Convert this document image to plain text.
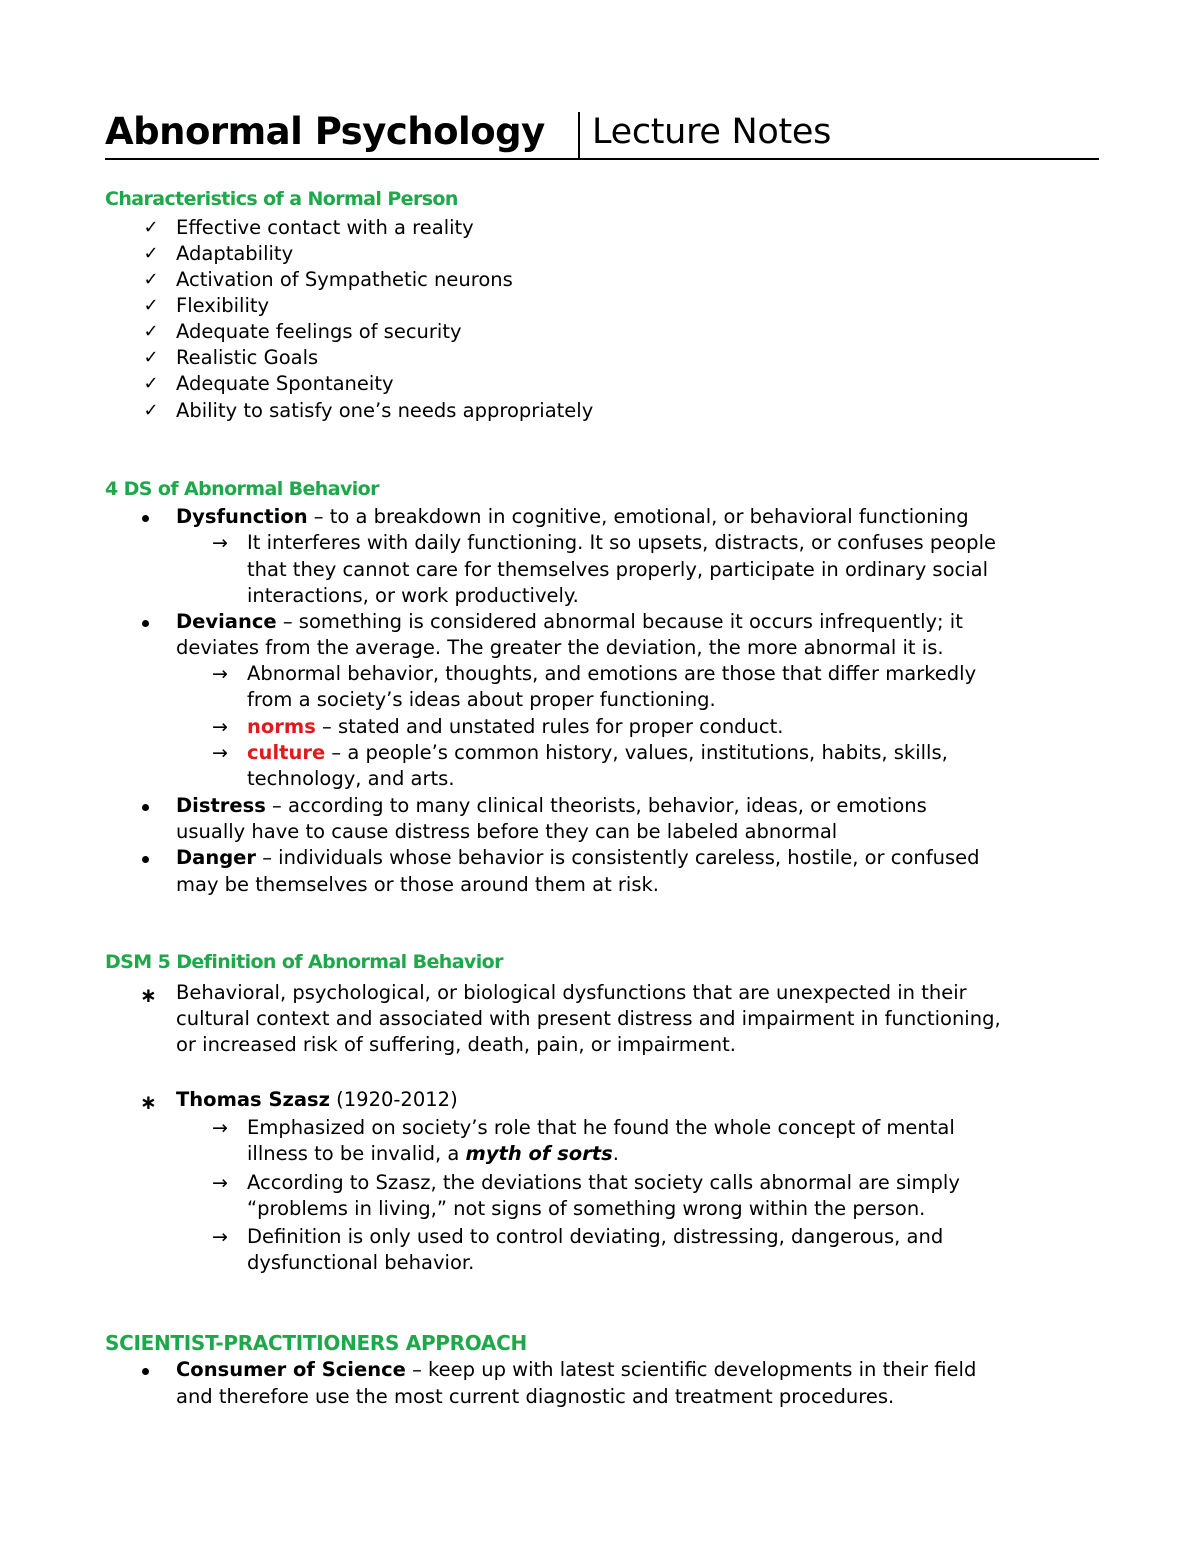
Abnormal Psychology Lecture Notes
Characteristics of a Normal Person
✓ Effective contact with a reality
✓ Adaptability
✓ Activation of Sympathetic neurons
✓ Flexibility
✓ Adequate feelings of security
✓ Realistic Goals
✓ Adequate Spontaneity
✓ Ability to satisfy one’s needs appropriately
4 DS of Abnormal Behavior
Dysfunction – to a breakdown in cognitive, emotional, or behavioral functioning
→ It interferes with daily functioning. It so upsets, distracts, or confuses people
that they cannot care for themselves properly, participate in ordinary social
interactions, or work productively.
Deviance – something is considered abnormal because it occurs infrequently; it
deviates from the average. The greater the deviation, the more abnormal it is.
→ Abnormal behavior, thoughts, and emotions are those that differ markedly
from a society’s ideas about proper functioning.
→ norms – stated and unstated rules for proper conduct.
→ culture – a people’s common history, values, institutions, habits, skills,
technology, and arts.
Distress – according to many clinical theorists, behavior, ideas, or emotions
usually have to cause distress before they can be labeled abnormal
Danger – individuals whose behavior is consistently careless, hostile, or confused
may be themselves or those around them at risk.
DSM 5 Definition of Abnormal Behavior
∗ Behavioral, psychological, or biological dysfunctions that are unexpected in their
cultural context and associated with present distress and impairment in functioning,
or increased risk of suffering, death, pain, or impairment.
∗ Thomas Szasz (1920-2012)
→ Emphasized on society’s role that he found the whole concept of mental
illness to be invalid, a myth of sorts.
→ According to Szasz, the deviations that society calls abnormal are simply
“problems in living,” not signs of something wrong within the person.
→ Definition is only used to control deviating, distressing, dangerous, and
dysfunctional behavior.
SCIENTIST-PRACTITIONERS APPROACH
Consumer of Science – keep up with latest scientific developments in their field
and therefore use the most current diagnostic and treatment procedures.
